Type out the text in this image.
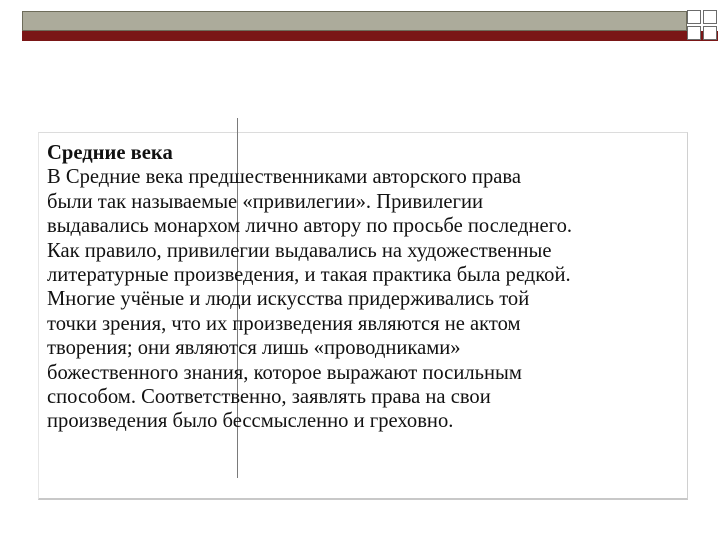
Средние века
В Средние века предшественниками авторского права
были так называемые «привилегии». Привилегии
выдавались монархом лично автору по просьбе последнего.
Как правило, привилегии выдавались на художественные
литературные произведения, и такая практика была редкой.
Многие учёные и люди искусства придерживались той
точки зрения, что их произведения являются не актом
творения; они являются лишь «проводниками»
божественного знания, которое выражают посильным
способом. Соответственно, заявлять права на свои
произведения было бессмысленно и греховно.
